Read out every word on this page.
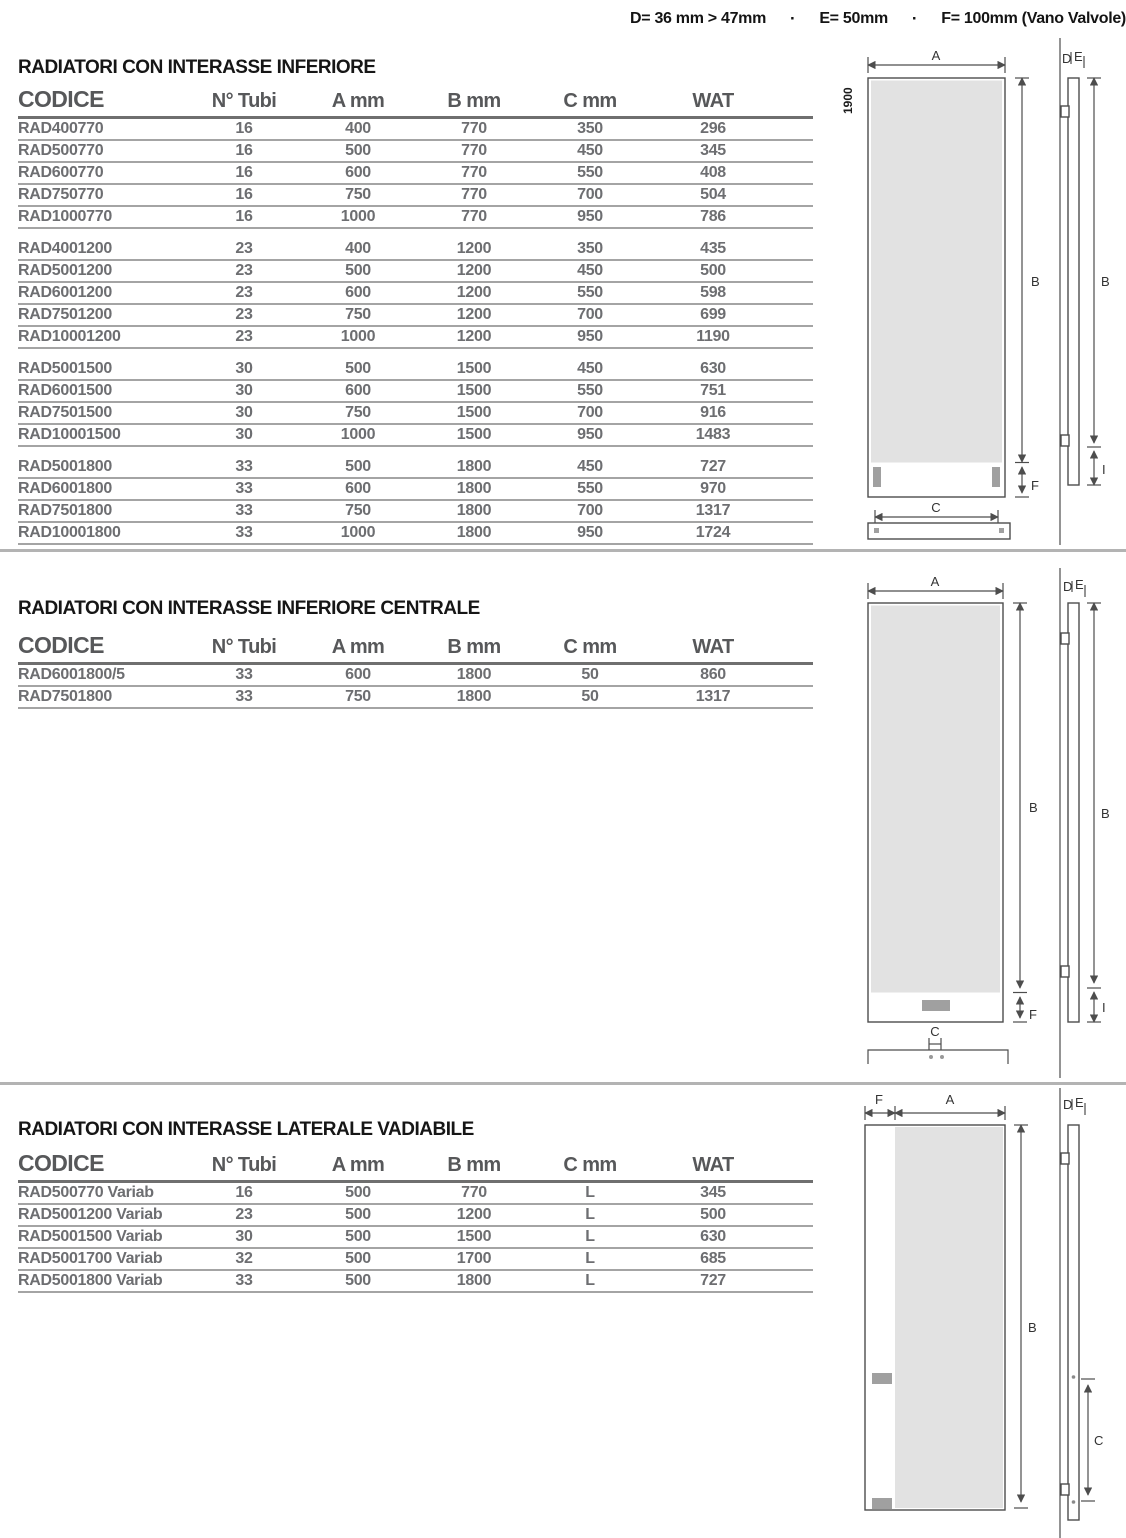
D= 36 mm > 47mm · E= 50mm · F= 100mm (Vano Valvole)
RADIATORI CON INTERASSE INFERIORE
CODICE	N° Tubi	A mm	B mm	C mm	WAT
RAD400770	16	400	770	350	296
RAD500770	16	500	770	450	345
RAD600770	16	600	770	550	408
RAD750770	16	750	770	700	504
RAD1000770	16	1000	770	950	786
RAD4001200	23	400	1200	350	435
RAD5001200	23	500	1200	450	500
RAD6001200	23	600	1200	550	598
RAD7501200	23	750	1200	700	699
RAD10001200	23	1000	1200	950	1190
RAD5001500	30	500	1500	450	630
RAD6001500	30	600	1500	550	751
RAD7501500	30	750	1500	700	916
RAD10001500	30	1000	1500	950	1483
RAD5001800	33	500	1800	450	727
RAD6001800	33	600	1800	550	970
RAD7501800	33	750	1800	700	1317
RAD10001800	33	1000	1800	950	1724
A
1900
B
F
C
D E
B
I
RADIATORI CON INTERASSE INFERIORE CENTRALE
CODICE	N° Tubi	A mm	B mm	C mm	WAT
RAD6001800/5	33	600	1800	50	860
RAD7501800	33	750	1800	50	1317
A
B
F
C
D E
B
I
RADIATORI CON INTERASSE LATERALE VADIABILE
CODICE	N° Tubi	A mm	B mm	C mm	WAT
RAD500770 Variab	16	500	770	L	345
RAD5001200 Variab	23	500	1200	L	500
RAD5001500 Variab	30	500	1500	L	630
RAD5001700 Variab	32	500	1700	L	685
RAD5001800 Variab	33	500	1800	L	727
F	A
B
D E
C
